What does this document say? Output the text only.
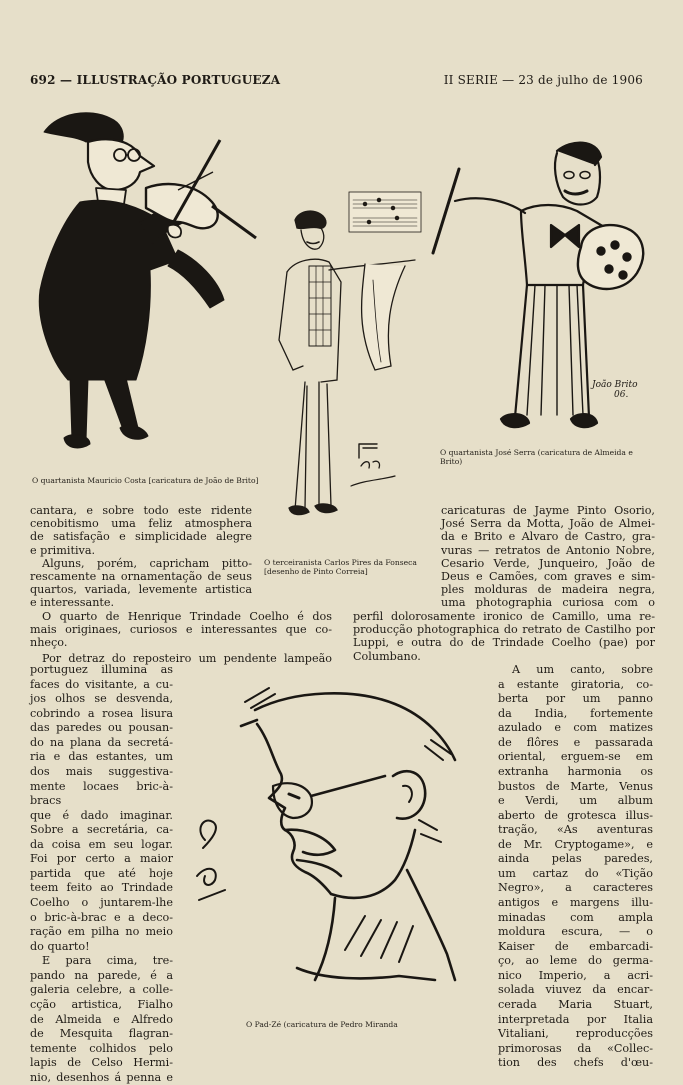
692 — ILLUSTRAÇÃO PORTUGUEZA	II SERIE — 23 de julho de 1906
O quartanista Mauricio Costa [caricatura de João de Brito]
O terceiranista Carlos Pires da Fonseca [desenho de Pinto Correia]
João Brito
06.
O quartanista José Serra (caricatura de Almeida e Brito)
cantara, e sobre todo este ridente
cenobitismo uma feliz atmosphera
de satisfação e simplicidade alegre
e primitiva.
Alguns, porém, capricham pitto-
rescamente na ornamentação de seus
quartos, variada, levemente artistica
e interessante.
O quarto de Henrique Trindade Coelho é dos
mais originaes, curiosos e interessantes que co-
nheço.
Por detraz do reposteiro um pendente lampeão
portuguez illumina as
faces do visitante, a cu-
jos olhos se desvenda,
cobrindo a rosea lisura
das paredes ou pousan-
do na plana da secretá-
ria e das estantes, um
dos mais suggestiva-
mente locaes bric-à-bracs
que é dado imaginar.
Sobre a secretária, ca-
da coisa em seu logar.
Foi por certo a maior
partida que até hoje
teem feito ao Trindade
Coelho o juntarem-lhe
o bric-à-brac e a deco-
ração em pilha no meio
do quarto!
E para cima, tre-
pando na parede, é a
galeria celebre, a colle-
cção artistica, Fialho
de Almeida e Alfredo
de Mesquita flagran-
temente colhidos pelo
lapis de Celso Hermi-
nio, desenhos á penna e
caricaturas de Jayme Pinto Osorio,
José Serra da Motta, João de Almei-
da e Brito e Alvaro de Castro, gra-
vuras — retratos de Antonio Nobre,
Cesario Verde, Junqueiro, João de
Deus e Camões, com graves e sim-
ples molduras de madeira negra,
uma photographia curiosa com o
perfil dolorosamente ironico de Camillo, uma re-
producção photographica do retrato de Castilho por
Luppi, e outra do de Trindade Coelho (pae) por
Columbano.
O Pad-Zé (caricatura de Pedro Miranda
A um canto, sobre
a estante giratoria, co-
berta por um panno
da India, fortemente
azulado e com matizes
de flôres e passarada
oriental, erguem-se em
extranha harmonia os
bustos de Marte, Venus
e Verdi, um album
aberto de grotesca illus-
tração, «As aventuras
de Mr. Cryptogame», e
ainda pelas paredes,
um cartaz do «Tição
Negro», a caracteres
antigos e margens illu-
minadas com ampla
moldura escura, — o
Kaiser de embarcadi-
ço, ao leme do germa-
nico Imperio, a acri-
solada viuvez da encar-
cerada Maria Stuart,
interpretada por Italia
Vitaliani, reproducções
primorosas da «Collec-
tion des chefs d'œu-
